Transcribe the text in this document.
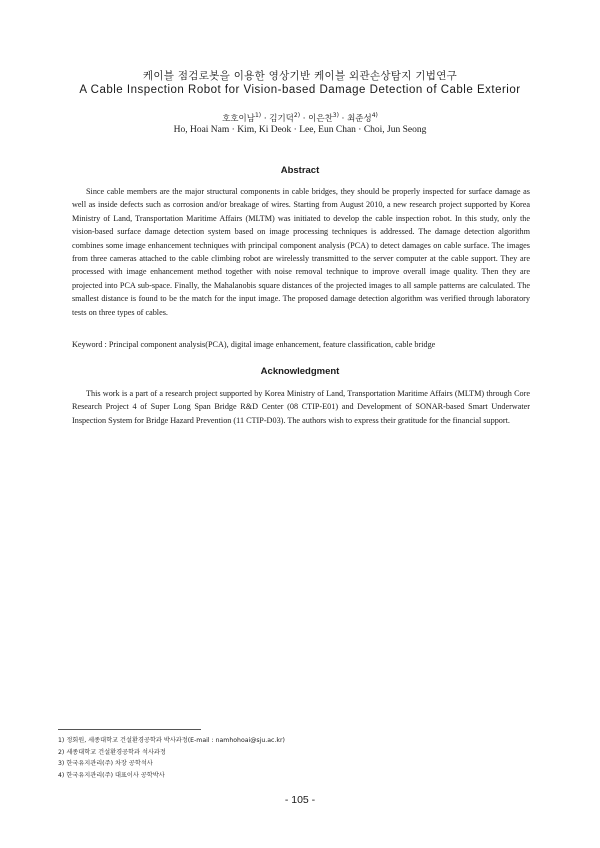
케이블 점검로봇을 이용한 영상기반 케이블 외관손상탐지 기법연구
A Cable Inspection Robot for Vision-based Damage Detection of Cable Exterior
호호이남$^{1)}$ · 김기덕$^{2)}$ · 이은찬$^{3)}$ · 최준성$^{4)}$
Ho, Hoai Nam · Kim, Ki Deok · Lee, Eun Chan · Choi, Jun Seong
Abstract

Since cable members are the major structural components in cable bridges, they should be properly inspected for surface damage as well as inside defects such as corrosion and/or breakage of wires. Starting from August 2010, a new research project supported by Korea Ministry of Land, Transportation Maritime Affairs (MLTM) was initiated to develop the cable inspection robot. In this study, only the vision-based surface damage detection system based on image processing techniques is addressed. The damage detection algorithm combines some image enhancement techniques with principal component analysis (PCA) to detect damages on cable surface. The images from three cameras attached to the cable climbing robot are wirelessly transmitted to the server computer at the cable support. They are processed with image enhancement method together with noise removal technique to improve overall image quality. Then they are projected into PCA sub-space. Finally, the Mahalanobis square distances of the projected images to all sample patterns are calculated. The smallest distance is found to be the match for the input image. The proposed damage detection algorithm was verified through laboratory tests on three types of cables.

Keyword : Principal component analysis(PCA), digital image enhancement, feature classification, cable bridge

Acknowledgment

This work is a part of a research project supported by Korea Ministry of Land, Transportation Maritime Affairs (MLTM) through Core Research Project 4 of Super Long Span Bridge R&D Center (08 CTIP-E01) and Development of SONAR-based Smart Underwater Inspection System for Bridge Hazard Prevention (11 CTIP-D03). The authors wish to express their gratitude for the financial support.

1) 정회원, 세종대학교 건설환경공학과 박사과정(E-mail : namhohoai@sju.ac.kr)
2) 세종대학교 건설환경공학과 석사과정
3) 한국유지관리(주) 차장 공학석사
4) 한국유지관리(주) 대표이사 공학박사
- 105 -
